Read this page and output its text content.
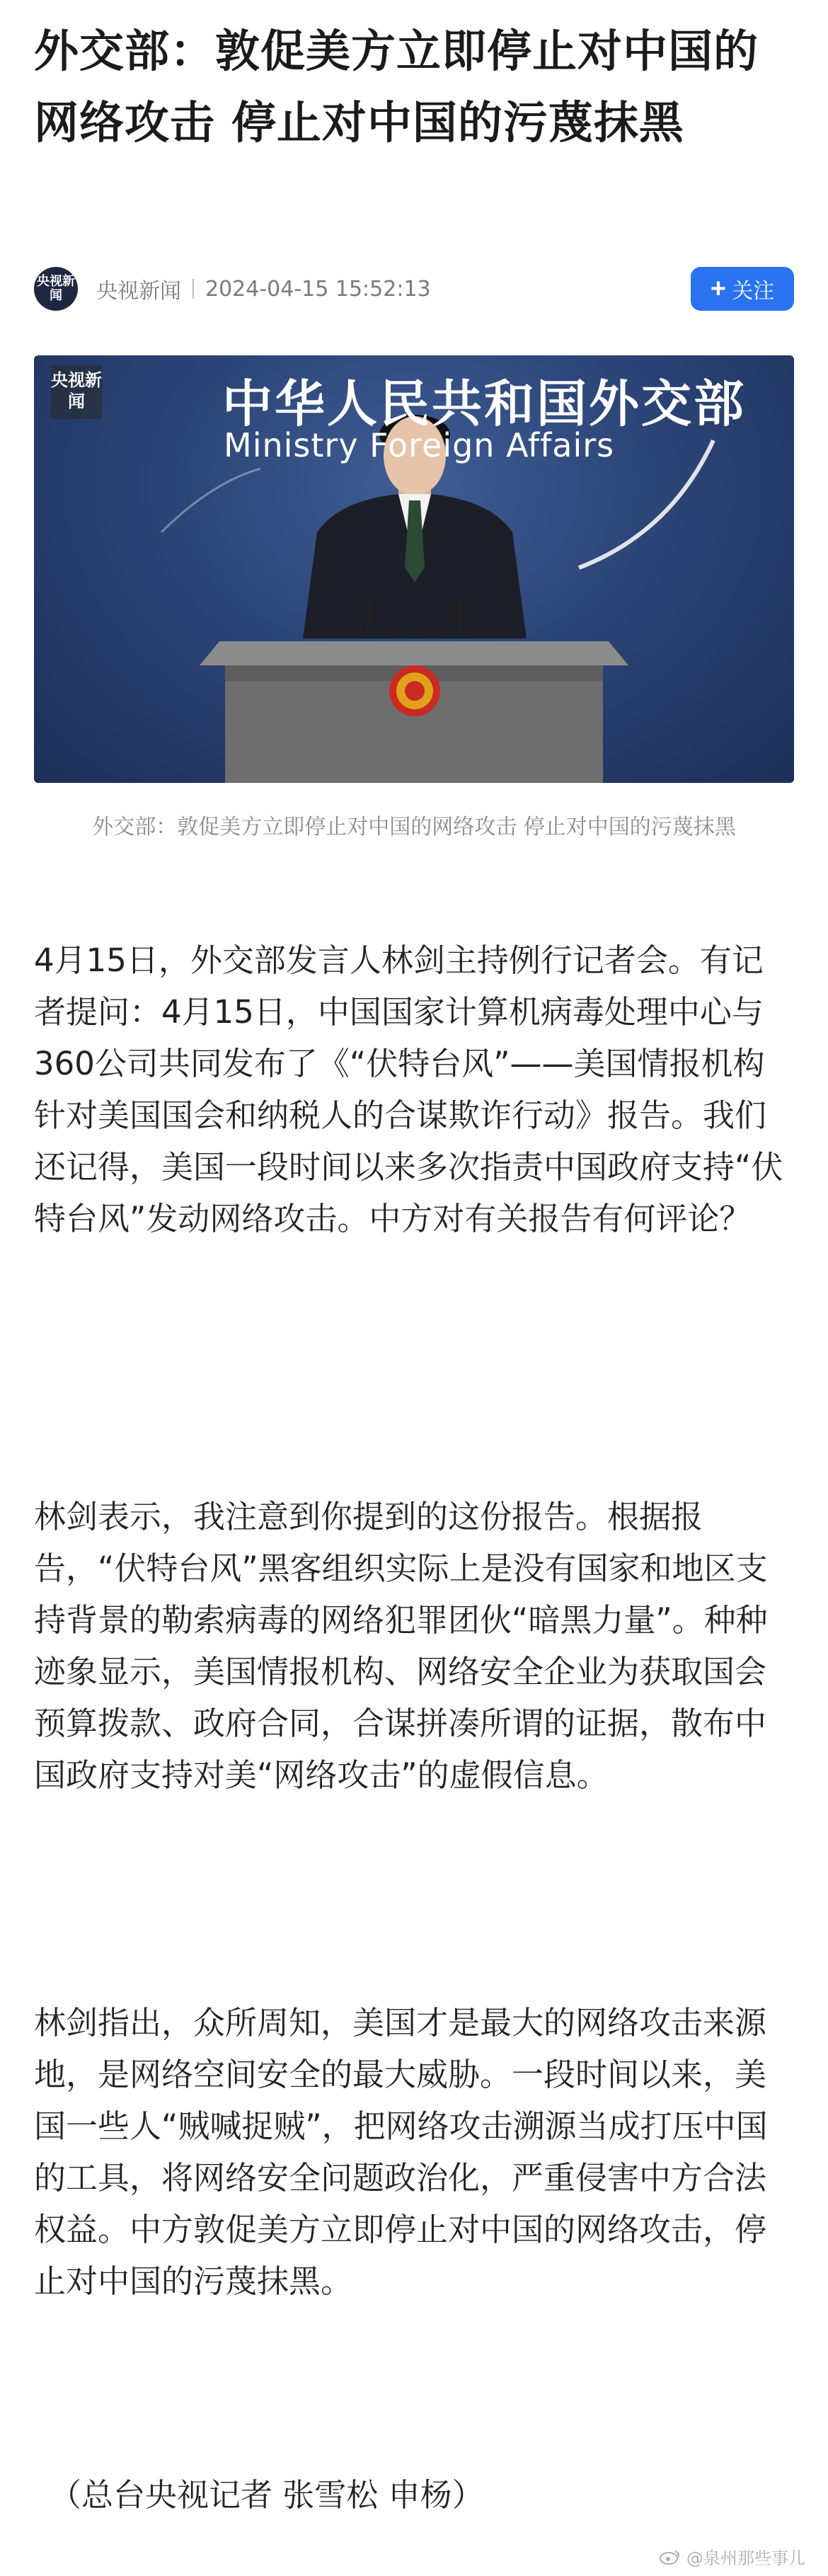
外交部：敦促美方立即停止对中国的网络攻击 停止对中国的污蔑抹黑
央视新闻	央视新闻 2024-04-15 15:52:13	+ 关注
央视新闻	中华人民共和国外交部
Ministry Foreign Affairs

外交部：敦促美方立即停止对中国的网络攻击 停止对中国的污蔑抹黑

4月15日，外交部发言人林剑主持例行记者会。有记者提问：4月15日，中国国家计算机病毒处理中心与360公司共同发布了《“伏特台风”——美国情报机构针对美国国会和纳税人的合谋欺诈行动》报告。我们还记得，美国一段时间以来多次指责中国政府支持“伏特台风”发动网络攻击。中方对有关报告有何评论？

林剑表示，我注意到你提到的这份报告。根据报告，“伏特台风”黑客组织实际上是没有国家和地区支持背景的勒索病毒的网络犯罪团伙“暗黑力量”。种种迹象显示，美国情报机构、网络安全企业为获取国会预算拨款、政府合同，合谋拼凑所谓的证据，散布中国政府支持对美“网络攻击”的虚假信息。

林剑指出，众所周知，美国才是最大的网络攻击来源地，是网络空间安全的最大威胁。一段时间以来，美国一些人“贼喊捉贼”，把网络攻击溯源当成打压中国的工具，将网络安全问题政治化，严重侵害中方合法权益。中方敦促美方立即停止对中国的网络攻击，停止对中国的污蔑抹黑。

（总台央视记者 张雪松 申杨）

@泉州那些事儿
